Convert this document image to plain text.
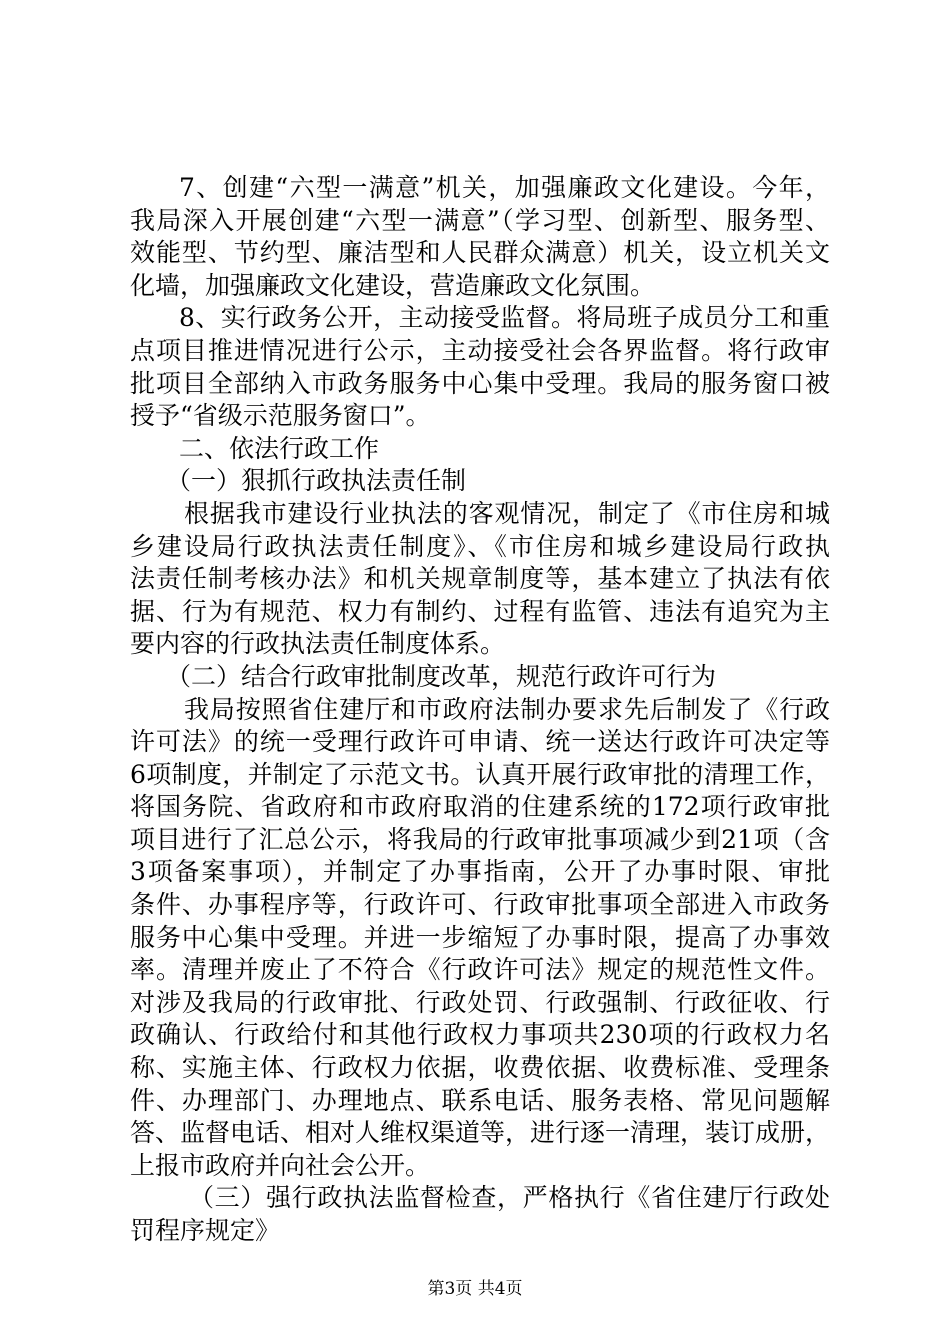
7、创建“六型一满意”机关，加强廉政文化建设。今年，
我局深入开展创建“六型一满意”（学习型、创新型、服务型、
效能型、节约型、廉洁型和人民群众满意）机关，设立机关文
化墙，加强廉政文化建设，营造廉政文化氛围。
8、实行政务公开，主动接受监督。将局班子成员分工和重
点项目推进情况进行公示，主动接受社会各界监督。将行政审
批项目全部纳入市政务服务中心集中受理。我局的服务窗口被
授予“省级示范服务窗口”。
二、依法行政工作
（一）狠抓行政执法责任制
根据我市建设行业执法的客观情况，制定了《市住房和城
乡建设局行政执法责任制度》、《市住房和城乡建设局行政执
法责任制考核办法》和机关规章制度等，基本建立了执法有依
据、行为有规范、权力有制约、过程有监管、违法有追究为主
要内容的行政执法责任制度体系。
（二）结合行政审批制度改革，规范行政许可行为
我局按照省住建厅和市政府法制办要求先后制发了《行政
许可法》的统一受理行政许可申请、统一送达行政许可决定等
6项制度，并制定了示范文书。认真开展行政审批的清理工作，
将国务院、省政府和市政府取消的住建系统的172项行政审批
项目进行了汇总公示，将我局的行政审批事项减少到21项（含
3项备案事项），并制定了办事指南，公开了办事时限、审批
条件、办事程序等，行政许可、行政审批事项全部进入市政务
服务中心集中受理。并进一步缩短了办事时限，提高了办事效
率。清理并废止了不符合《行政许可法》规定的规范性文件。
对涉及我局的行政审批、行政处罚、行政强制、行政征收、行
政确认、行政给付和其他行政权力事项共230项的行政权力名
称、实施主体、行政权力依据，收费依据、收费标准、受理条
件、办理部门、办理地点、联系电话、服务表格、常见问题解
答、监督电话、相对人维权渠道等，进行逐一清理，装订成册，
上报市政府并向社会公开。
（三）强行政执法监督检查，严格执行《省住建厅行政处
罚程序规定》
第3页 共4页
